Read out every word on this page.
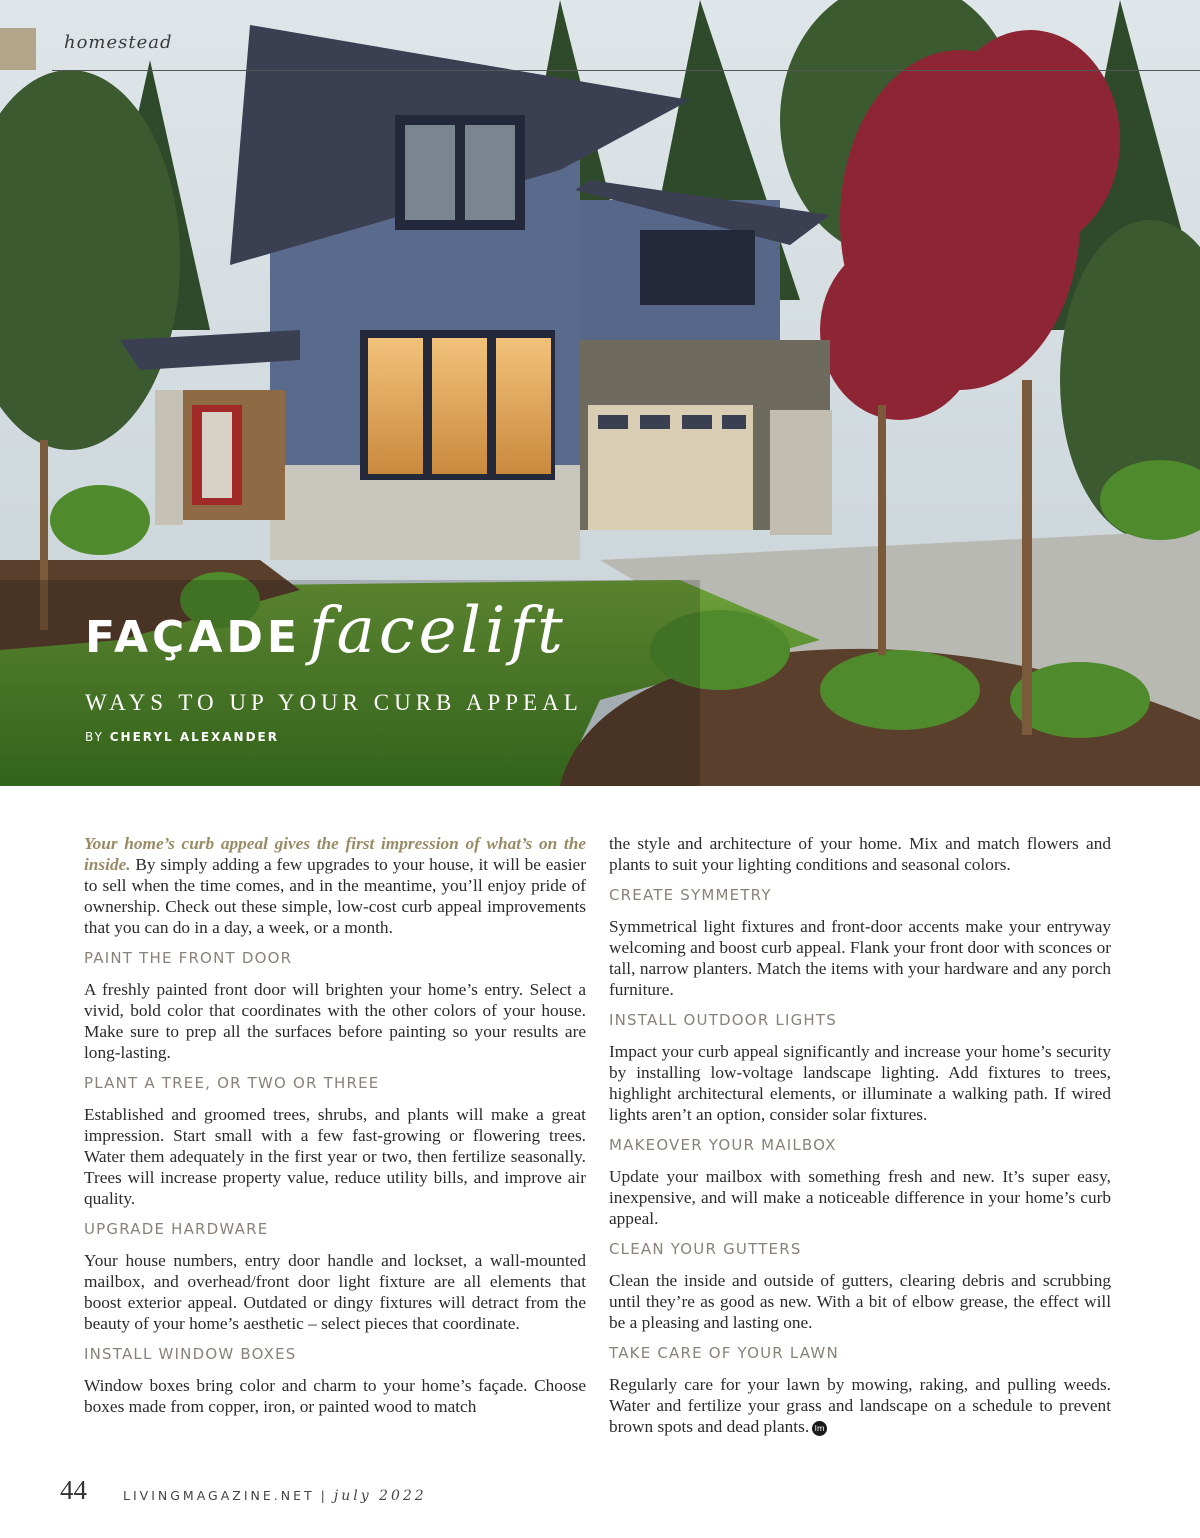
homestead
FAÇADE facelift
WAYS TO UP YOUR CURB APPEAL
BY CHERYL ALEXANDER

Your home’s curb appeal gives the first impression of what’s on the inside. By simply adding a few upgrades to your house, it will be easier to sell when the time comes, and in the meantime, you’ll enjoy pride of ownership. Check out these simple, low-cost curb appeal improvements that you can do in a day, a week, or a month.

PAINT THE FRONT DOOR

A freshly painted front door will brighten your home’s entry. Select a vivid, bold color that coordinates with the other colors of your house. Make sure to prep all the surfaces before painting so your results are long-lasting.

PLANT A TREE, OR TWO OR THREE

Established and groomed trees, shrubs, and plants will make a great impression. Start small with a few fast-growing or flowering trees. Water them adequately in the first year or two, then fertilize seasonally. Trees will increase property value, reduce utility bills, and improve air quality.

UPGRADE HARDWARE

Your house numbers, entry door handle and lockset, a wall-mounted mailbox, and overhead/front door light fixture are all elements that boost exterior appeal. Outdated or dingy fixtures will detract from the beauty of your home’s aesthetic – select pieces that coordinate.

INSTALL WINDOW BOXES

Window boxes bring color and charm to your home’s façade. Choose boxes made from copper, iron, or painted wood to match

the style and architecture of your home. Mix and match flowers and plants to suit your lighting conditions and seasonal colors.

CREATE SYMMETRY

Symmetrical light fixtures and front-door accents make your entryway welcoming and boost curb appeal. Flank your front door with sconces or tall, narrow planters. Match the items with your hardware and any porch furniture.

INSTALL OUTDOOR LIGHTS

Impact your curb appeal significantly and increase your home’s security by installing low-voltage landscape lighting. Add fixtures to trees, highlight architectural elements, or illuminate a walking path. If wired lights aren’t an option, consider solar fixtures.

MAKEOVER YOUR MAILBOX

Update your mailbox with something fresh and new. It’s super easy, inexpensive, and will make a noticeable difference in your home’s curb appeal.

CLEAN YOUR GUTTERS

Clean the inside and outside of gutters, clearing debris and scrubbing until they’re as good as new. With a bit of elbow grease, the effect will be a pleasing and lasting one.

TAKE CARE OF YOUR LAWN

Regularly care for your lawn by mowing, raking, and pulling weeds. Water and fertilize your grass and landscape on a schedule to prevent brown spots and dead plants. lm

44	LIVINGMAGAZINE.NET | july 2022
